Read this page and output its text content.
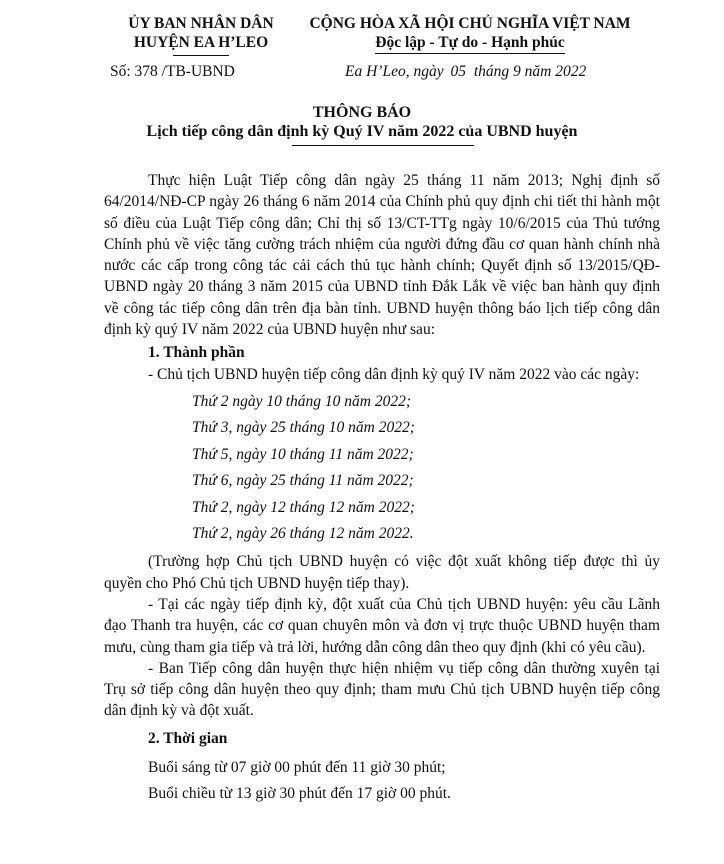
ỦY BAN NHÂN DÂN
HUYỆN EA H’LEO
CỘNG HÒA XÃ HỘI CHỦ NGHĨA VIỆT NAM
Độc lập - Tự do - Hạnh phúc
Số: 378 /TB-UBND	Ea H’Leo, ngày 05 tháng 9 năm 2022
THÔNG BÁO
Lịch tiếp công dân định kỳ Quý IV năm 2022 của UBND huyện

Thực hiện Luật Tiếp công dân ngày 25 tháng 11 năm 2013; Nghị định số 64/2014/NĐ-CP ngày 26 tháng 6 năm 2014 của Chính phủ quy định chi tiết thi hành một số điều của Luật Tiếp công dân; Chỉ thị số 13/CT-TTg ngày 10/6/2015 của Thủ tướng Chính phủ về việc tăng cường trách nhiệm của người đứng đầu cơ quan hành chính nhà nước các cấp trong công tác cải cách thủ tục hành chính; Quyết định số 13/2015/QĐ-UBND ngày 20 tháng 3 năm 2015 của UBND tỉnh Đắk Lắk về việc ban hành quy định về công tác tiếp công dân trên địa bàn tỉnh. UBND huyện thông báo lịch tiếp công dân định kỳ quý IV năm 2022 của UBND huyện như sau:

1. Thành phần

- Chủ tịch UBND huyện tiếp công dân định kỳ quý IV năm 2022 vào các ngày:

Thứ 2 ngày 10 tháng 10 năm 2022;
Thứ 3, ngày 25 tháng 10 năm 2022;
Thứ 5, ngày 10 tháng 11 năm 2022;
Thứ 6, ngày 25 tháng 11 năm 2022;
Thứ 2, ngày 12 tháng 12 năm 2022;
Thứ 2, ngày 26 tháng 12 năm 2022.

(Trường hợp Chủ tịch UBND huyện có việc đột xuất không tiếp được thì ủy quyền cho Phó Chủ tịch UBND huyện tiếp thay).

- Tại các ngày tiếp định kỳ, đột xuất của Chủ tịch UBND huyện: yêu cầu Lãnh đạo Thanh tra huyện, các cơ quan chuyên môn và đơn vị trực thuộc UBND huyện tham mưu, cùng tham gia tiếp và trả lời, hướng dẫn công dân theo quy định (khi có yêu cầu).

- Ban Tiếp công dân huyện thực hiện nhiệm vụ tiếp công dân thường xuyên tại Trụ sở tiếp công dân huyện theo quy định; tham mưu Chủ tịch UBND huyện tiếp công dân định kỳ và đột xuất.

2. Thời gian
Buổi sáng từ 07 giờ 00 phút đến 11 giờ 30 phút;
Buổi chiều từ 13 giờ 30 phút đến 17 giờ 00 phút.
